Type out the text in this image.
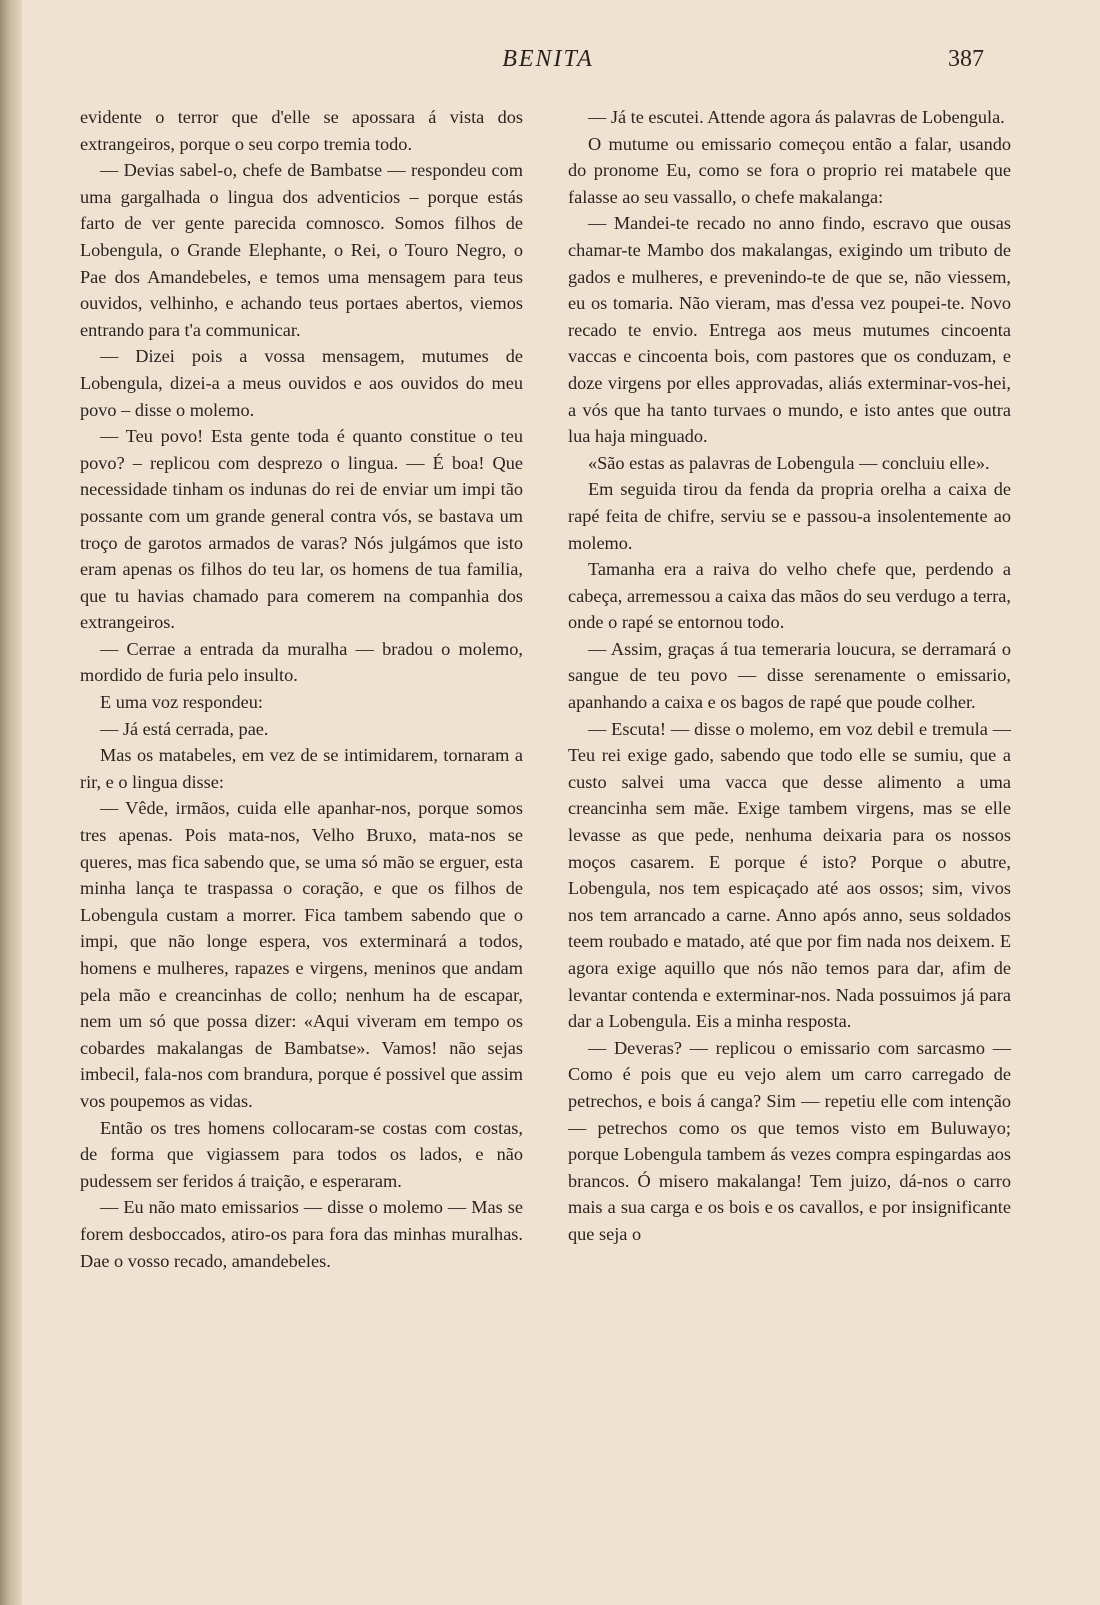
BENITA	387

evidente o terror que d'elle se apossara á vista dos extrangeiros, porque o seu corpo tremia todo.

— Devias sabel-o, chefe de Bambatse — respondeu com uma gargalhada o lingua dos adventicios – porque estás farto de ver gente parecida comnosco. Somos filhos de Lobengula, o Grande Elephante, o Rei, o Touro Negro, o Pae dos Amandebeles, e temos uma mensagem para teus ouvidos, velhinho, e achando teus portaes abertos, viemos entrando para t'a communicar.

— Dizei pois a vossa mensagem, mutumes de Lobengula, dizei-a a meus ouvidos e aos ouvidos do meu povo – disse o molemo.

— Teu povo! Esta gente toda é quanto constitue o teu povo? – replicou com desprezo o lingua. — É boa! Que necessidade tinham os indunas do rei de enviar um impi tão possante com um grande general contra vós, se bastava um troço de garotos armados de varas? Nós julgámos que isto eram apenas os filhos do teu lar, os homens de tua familia, que tu havias chamado para comerem na companhia dos extrangeiros.

— Cerrae a entrada da muralha — bradou o molemo, mordido de furia pelo insulto.

E uma voz respondeu:

— Já está cerrada, pae.

Mas os matabeles, em vez de se intimidarem, tornaram a rir, e o lingua disse:

— Vêde, irmãos, cuida elle apanhar-nos, porque somos tres apenas. Pois mata-nos, Velho Bruxo, mata-nos se queres, mas fica sabendo que, se uma só mão se erguer, esta minha lança te traspassa o coração, e que os filhos de Lobengula custam a morrer. Fica tambem sabendo que o impi, que não longe espera, vos exterminará a todos, homens e mulheres, rapazes e virgens, meninos que andam pela mão e creancinhas de collo; nenhum ha de escapar, nem um só que possa dizer: «Aqui viveram em tempo os cobardes makalangas de Bambatse». Vamos! não sejas imbecil, fala-nos com brandura, porque é possivel que assim vos poupemos as vidas.

Então os tres homens collocaram-se costas com costas, de forma que vigiassem para todos os lados, e não pudessem ser feridos á traição, e esperaram.

— Eu não mato emissarios — disse o molemo — Mas se forem desboccados, atiro-os para fora das minhas muralhas. Dae o vosso recado, amandebeles.

— Já te escutei. Attende agora ás palavras de Lobengula.

O mutume ou emissario começou então a falar, usando do pronome Eu, como se fora o proprio rei matabele que falasse ao seu vassallo, o chefe makalanga:

— Mandei-te recado no anno findo, escravo que ousas chamar-te Mambo dos makalangas, exigindo um tributo de gados e mulheres, e prevenindo-te de que se, não viessem, eu os tomaria. Não vieram, mas d'essa vez poupei-te. Novo recado te envio. Entrega aos meus mutumes cincoenta vaccas e cincoenta bois, com pastores que os conduzam, e doze virgens por elles approvadas, aliás exterminar-vos-hei, a vós que ha tanto turvaes o mundo, e isto antes que outra lua haja minguado.

«São estas as palavras de Lobengula — concluiu elle».

Em seguida tirou da fenda da propria orelha a caixa de rapé feita de chifre, serviu se e passou-a insolentemente ao molemo.

Tamanha era a raiva do velho chefe que, perdendo a cabeça, arremessou a caixa das mãos do seu verdugo a terra, onde o rapé se entornou todo.

— Assim, graças á tua temeraria loucura, se derramará o sangue de teu povo — disse serenamente o emissario, apanhando a caixa e os bagos de rapé que poude colher.

— Escuta! — disse o molemo, em voz debil e tremula — Teu rei exige gado, sabendo que todo elle se sumiu, que a custo salvei uma vacca que desse alimento a uma creancinha sem mãe. Exige tambem virgens, mas se elle levasse as que pede, nenhuma deixaria para os nossos moços casarem. E porque é isto? Porque o abutre, Lobengula, nos tem espicaçado até aos ossos; sim, vivos nos tem arrancado a carne. Anno após anno, seus soldados teem roubado e matado, até que por fim nada nos deixem. E agora exige aquillo que nós não temos para dar, afim de levantar contenda e exterminar-nos. Nada possuimos já para dar a Lobengula. Eis a minha resposta.

— Deveras? — replicou o emissario com sarcasmo — Como é pois que eu vejo alem um carro carregado de petrechos, e bois á canga? Sim — repetiu elle com intenção — petrechos como os que temos visto em Buluwayo; porque Lobengula tambem ás vezes compra espingardas aos brancos. Ó misero makalanga! Tem juizo, dá-nos o carro mais a sua carga e os bois e os cavallos, e por insignificante que seja o
